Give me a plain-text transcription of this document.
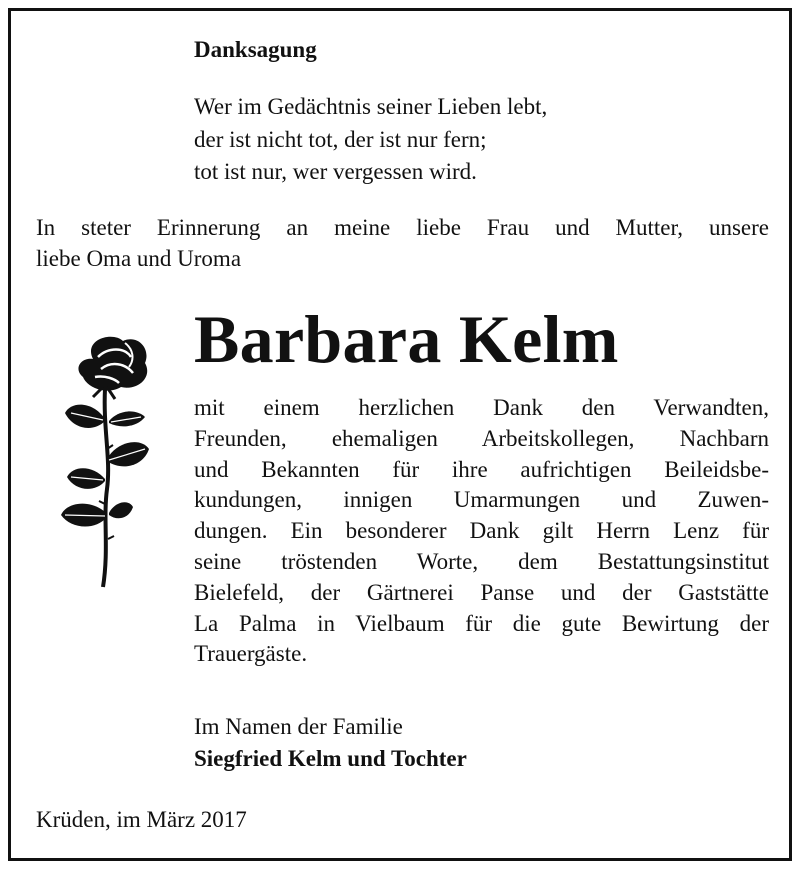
Danksagung
Wer im Gedächtnis seiner Lieben lebt,
der ist nicht tot, der ist nur fern;
tot ist nur, wer vergessen wird.
In steter Erinnerung an meine liebe Frau und Mutter, unsere
liebe Oma und Uroma
Barbara Kelm
mit einem herzlichen Dank den Verwandten,
Freunden, ehemaligen Arbeitskollegen, Nachbarn
und Bekannten für ihre aufrichtigen Beileidsbe-
kundungen, innigen Umarmungen und Zuwen-
dungen. Ein besonderer Dank gilt Herrn Lenz für
seine tröstenden Worte, dem Bestattungsinstitut
Bielefeld, der Gärtnerei Panse und der Gaststätte
La Palma in Vielbaum für die gute Bewirtung der
Trauergäste.
Im Namen der Familie
Siegfried Kelm und Tochter
Krüden, im März 2017
